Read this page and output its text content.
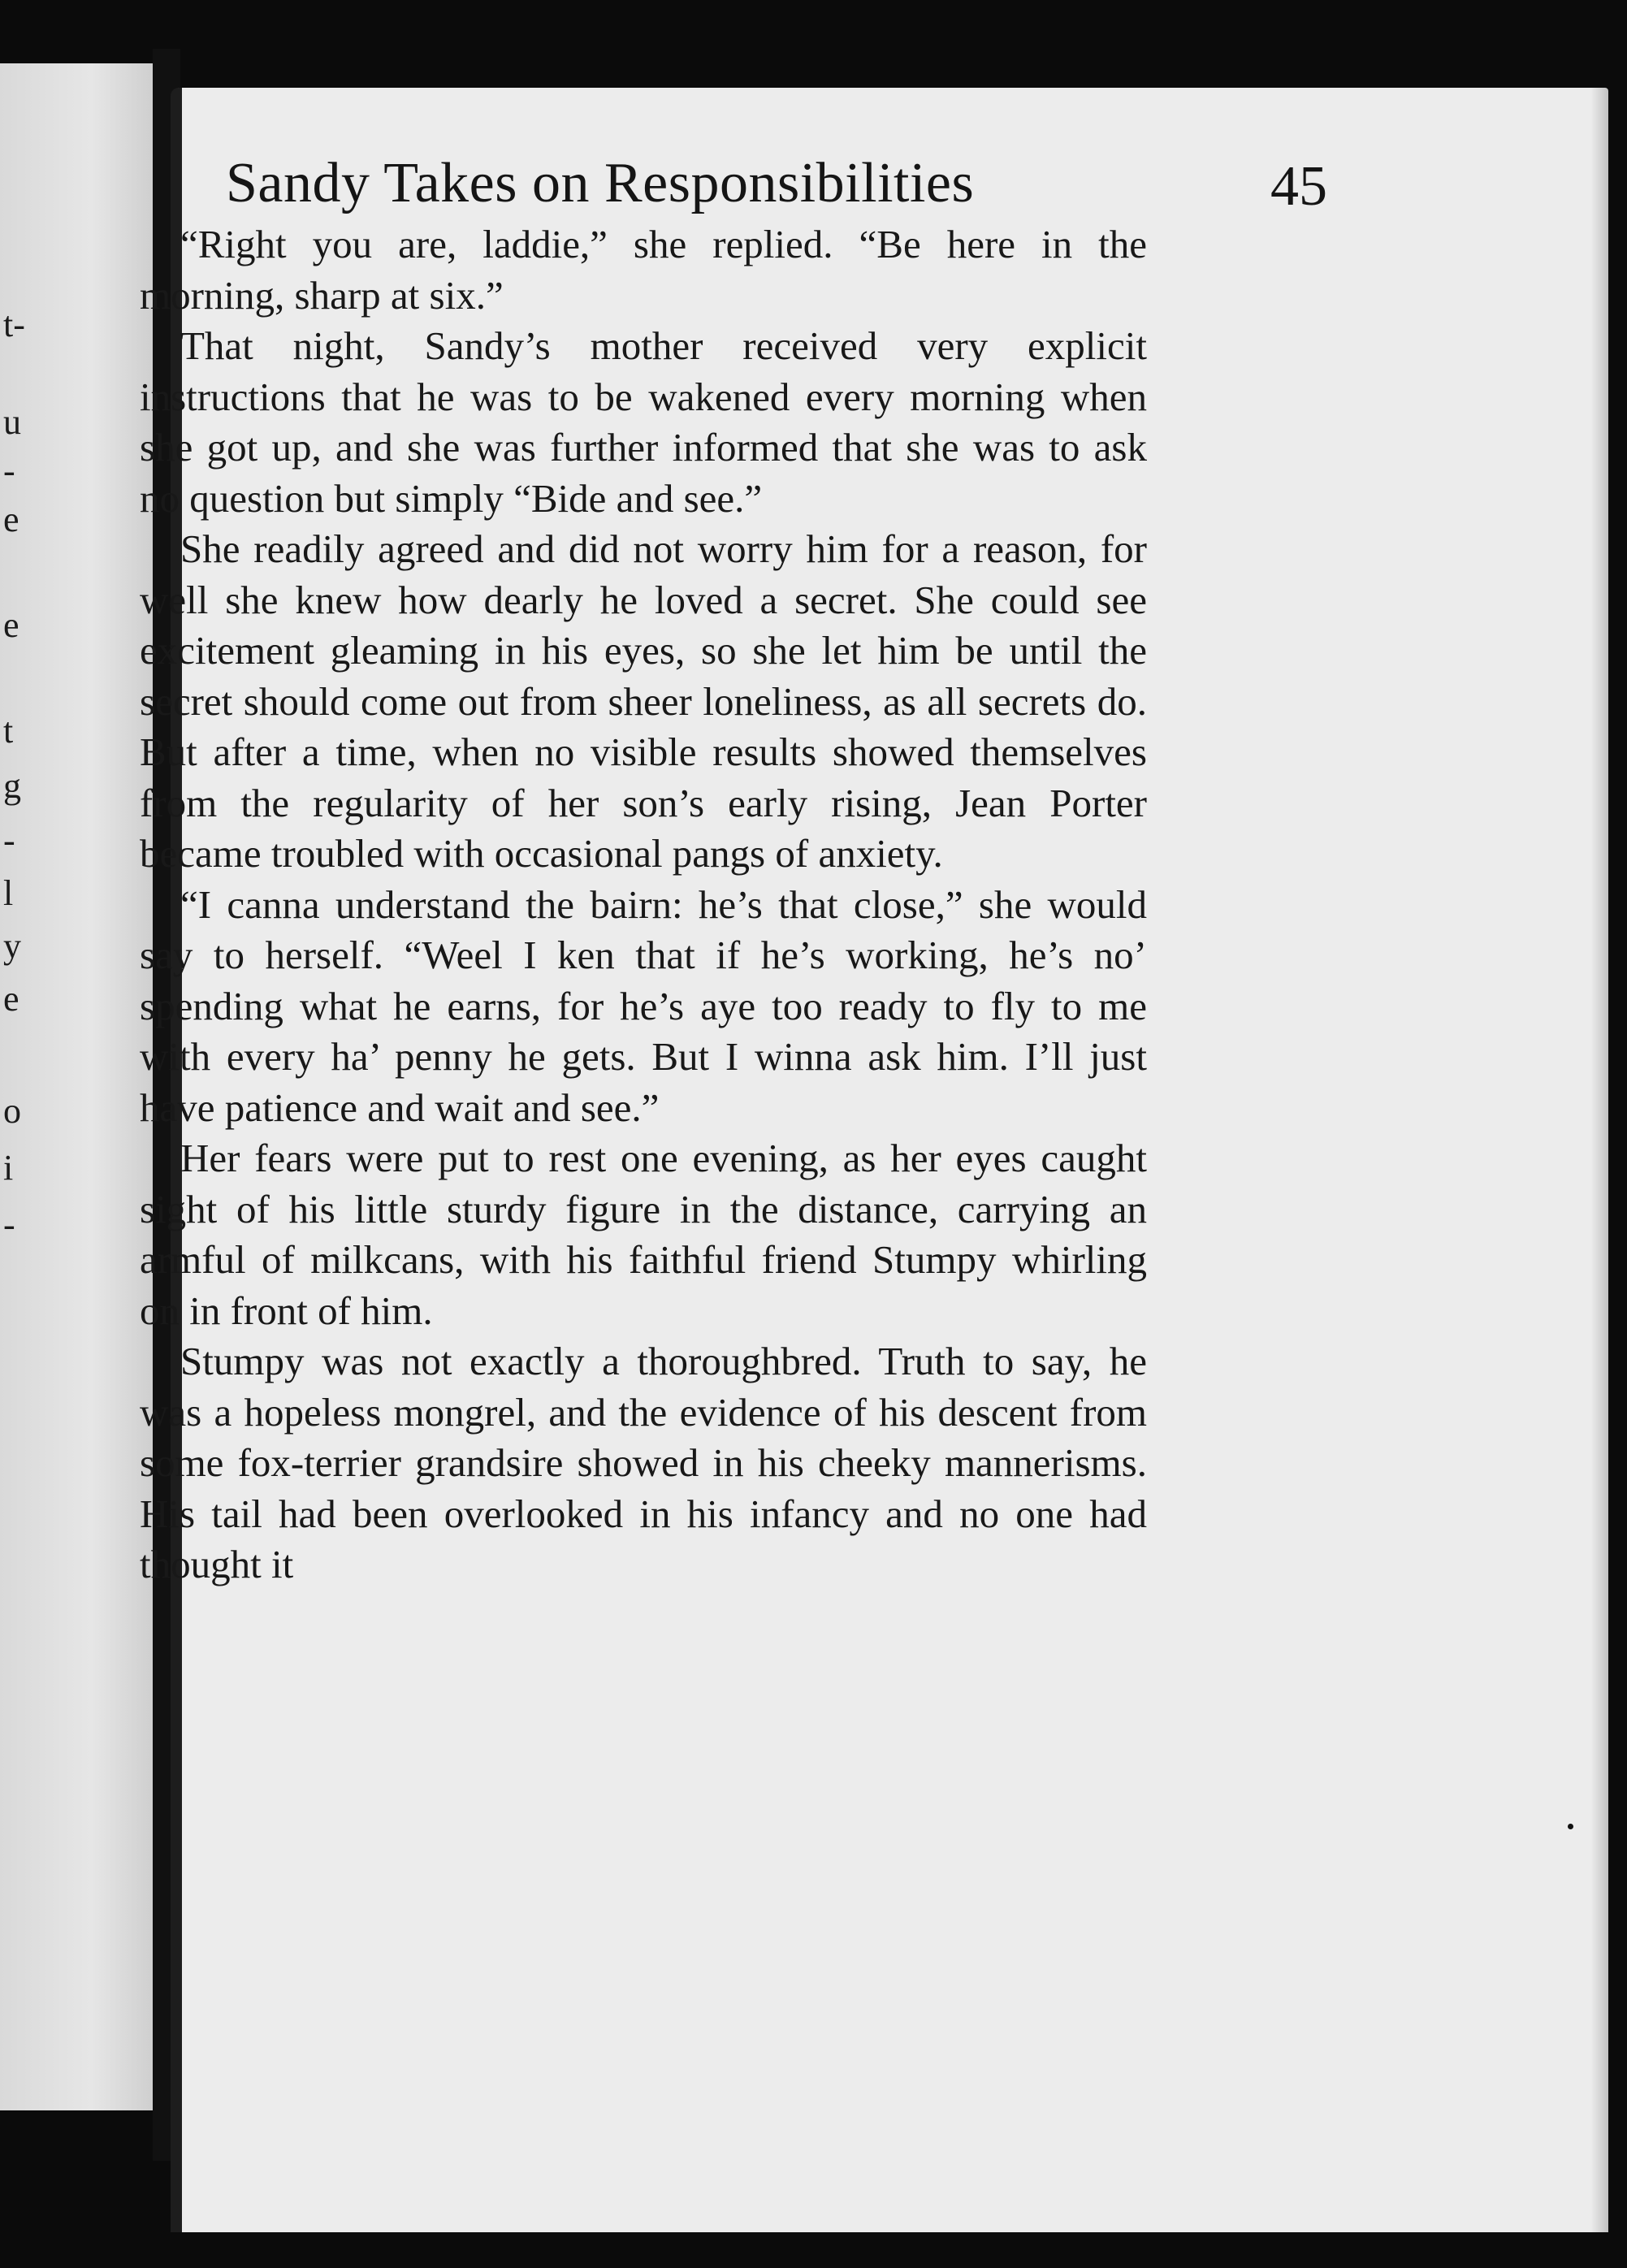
t-
u
-
e
e
t
g
-
l
y
e
o
i
-
Sandy Takes on Responsibilities	45

“Right you are, laddie,” she replied. “Be here in the morning, sharp at six.”

That night, Sandy’s mother received very explicit instructions that he was to be wakened every morning when she got up, and she was further informed that she was to ask no question but simply “Bide and see.”

She readily agreed and did not worry him for a reason, for well she knew how dearly he loved a secret. She could see excitement gleaming in his eyes, so she let him be until the secret should come out from sheer loneliness, as all secrets do. But after a time, when no visible results showed themselves from the regularity of her son’s early rising, Jean Porter became troubled with occasional pangs of anxiety.

“I canna understand the bairn: he’s that close,” she would say to herself. “Weel I ken that if he’s working, he’s no’ spending what he earns, for he’s aye too ready to fly to me with every ha’ penny he gets. But I winna ask him. I’ll just have patience and wait and see.”

Her fears were put to rest one evening, as her eyes caught sight of his little sturdy figure in the distance, carrying an armful of milkcans, with his faithful friend Stumpy whirling on in front of him.

Stumpy was not exactly a thoroughbred. Truth to say, he was a hopeless mongrel, and the evidence of his descent from some fox-terrier grandsire showed in his cheeky mannerisms. His tail had been overlooked in his infancy and no one had thought it
